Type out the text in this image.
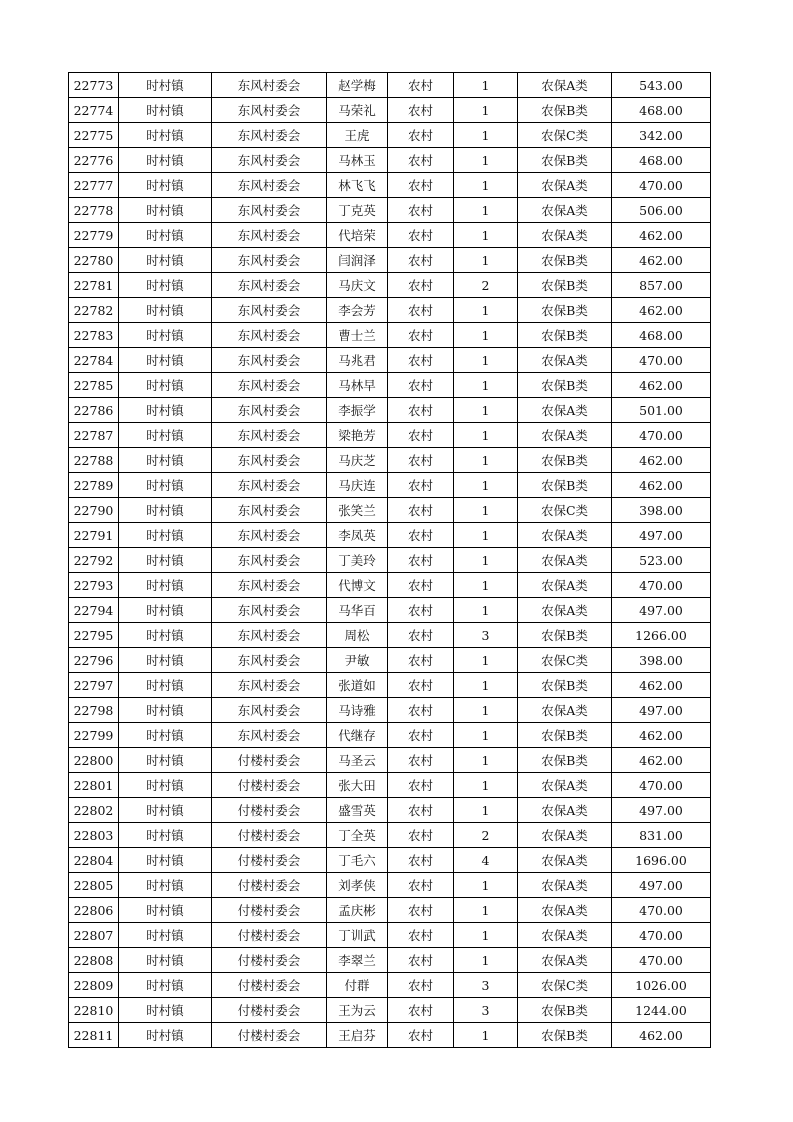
22773	时村镇	东风村委会	赵学梅	农村	1	农保A类	543.00
22774	时村镇	东风村委会	马荣礼	农村	1	农保B类	468.00
22775	时村镇	东风村委会	王虎	农村	1	农保C类	342.00
22776	时村镇	东风村委会	马林玉	农村	1	农保B类	468.00
22777	时村镇	东风村委会	林飞飞	农村	1	农保A类	470.00
22778	时村镇	东风村委会	丁克英	农村	1	农保A类	506.00
22779	时村镇	东风村委会	代培荣	农村	1	农保A类	462.00
22780	时村镇	东风村委会	闫润泽	农村	1	农保B类	462.00
22781	时村镇	东风村委会	马庆文	农村	2	农保B类	857.00
22782	时村镇	东风村委会	李会芳	农村	1	农保B类	462.00
22783	时村镇	东风村委会	曹士兰	农村	1	农保B类	468.00
22784	时村镇	东风村委会	马兆君	农村	1	农保A类	470.00
22785	时村镇	东风村委会	马林早	农村	1	农保B类	462.00
22786	时村镇	东风村委会	李振学	农村	1	农保A类	501.00
22787	时村镇	东风村委会	梁艳芳	农村	1	农保A类	470.00
22788	时村镇	东风村委会	马庆芝	农村	1	农保B类	462.00
22789	时村镇	东风村委会	马庆连	农村	1	农保B类	462.00
22790	时村镇	东风村委会	张笑兰	农村	1	农保C类	398.00
22791	时村镇	东风村委会	李凤英	农村	1	农保A类	497.00
22792	时村镇	东风村委会	丁美玲	农村	1	农保A类	523.00
22793	时村镇	东风村委会	代博文	农村	1	农保A类	470.00
22794	时村镇	东风村委会	马华百	农村	1	农保A类	497.00
22795	时村镇	东风村委会	周松	农村	3	农保B类	1266.00
22796	时村镇	东风村委会	尹敏	农村	1	农保C类	398.00
22797	时村镇	东风村委会	张道如	农村	1	农保B类	462.00
22798	时村镇	东风村委会	马诗雅	农村	1	农保A类	497.00
22799	时村镇	东风村委会	代继存	农村	1	农保B类	462.00
22800	时村镇	付楼村委会	马圣云	农村	1	农保B类	462.00
22801	时村镇	付楼村委会	张大田	农村	1	农保A类	470.00
22802	时村镇	付楼村委会	盛雪英	农村	1	农保A类	497.00
22803	时村镇	付楼村委会	丁全英	农村	2	农保A类	831.00
22804	时村镇	付楼村委会	丁毛六	农村	4	农保A类	1696.00
22805	时村镇	付楼村委会	刘孝侠	农村	1	农保A类	497.00
22806	时村镇	付楼村委会	孟庆彬	农村	1	农保A类	470.00
22807	时村镇	付楼村委会	丁训武	农村	1	农保A类	470.00
22808	时村镇	付楼村委会	李翠兰	农村	1	农保A类	470.00
22809	时村镇	付楼村委会	付群	农村	3	农保C类	1026.00
22810	时村镇	付楼村委会	王为云	农村	3	农保B类	1244.00
22811	时村镇	付楼村委会	王启芬	农村	1	农保B类	462.00
